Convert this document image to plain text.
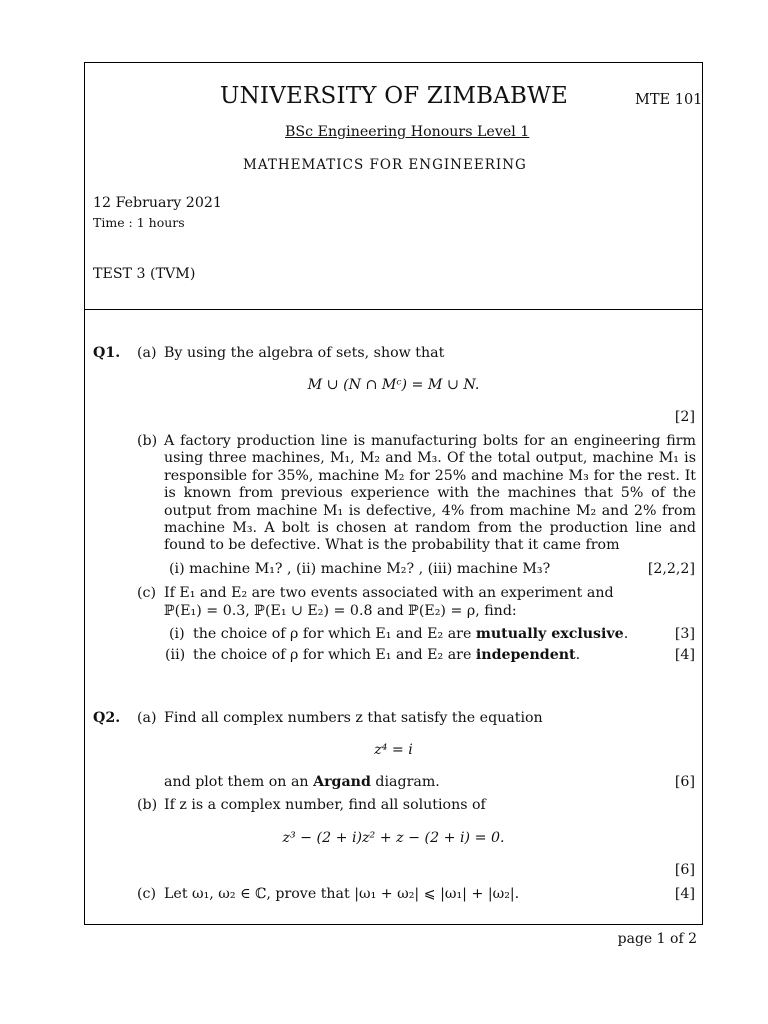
UNIVERSITY OF ZIMBABWE	MTE 101
BSc Engineering Honours Level 1
MATHEMATICS FOR ENGINEERING
12 February 2021
Time : 1 hours
TEST 3 (TVM)
Q1. (a) By using the algebra of sets, show that
M ∪ (N ∩ Mᶜ) = M ∪ N.
[2]
(b) A factory production line is manufacturing bolts for an engineering firm using three machines, M₁, M₂ and M₃. Of the total output, machine M₁ is responsible for 35%, machine M₂ for 25% and machine M₃ for the rest. It is known from previous experience with the machines that 5% of the output from machine M₁ is defective, 4% from machine M₂ and 2% from machine M₃. A bolt is chosen at random from the production line and found to be defective. What is the probability that it came from
(i) machine M₁? , (ii) machine M₂? , (iii) machine M₃?	[2,2,2]
(c) If E₁ and E₂ are two events associated with an experiment and
ℙ(E₁) = 0.3, ℙ(E₁ ∪ E₂) = 0.8 and ℙ(E₂) = ρ, find:
(i) the choice of ρ for which E₁ and E₂ are mutually exclusive.	[3]
(ii) the choice of ρ for which E₁ and E₂ are independent.	[4]
Q2. (a) Find all complex numbers z that satisfy the equation
z⁴ = i
and plot them on an Argand diagram.	[6]
(b) If z is a complex number, find all solutions of
z³ − (2 + i)z² + z − (2 + i) = 0.
[6]
(c) Let ω₁, ω₂ ∈ ℂ, prove that |ω₁ + ω₂| ⩽ |ω₁| + |ω₂|.	[4]
page 1 of 2
